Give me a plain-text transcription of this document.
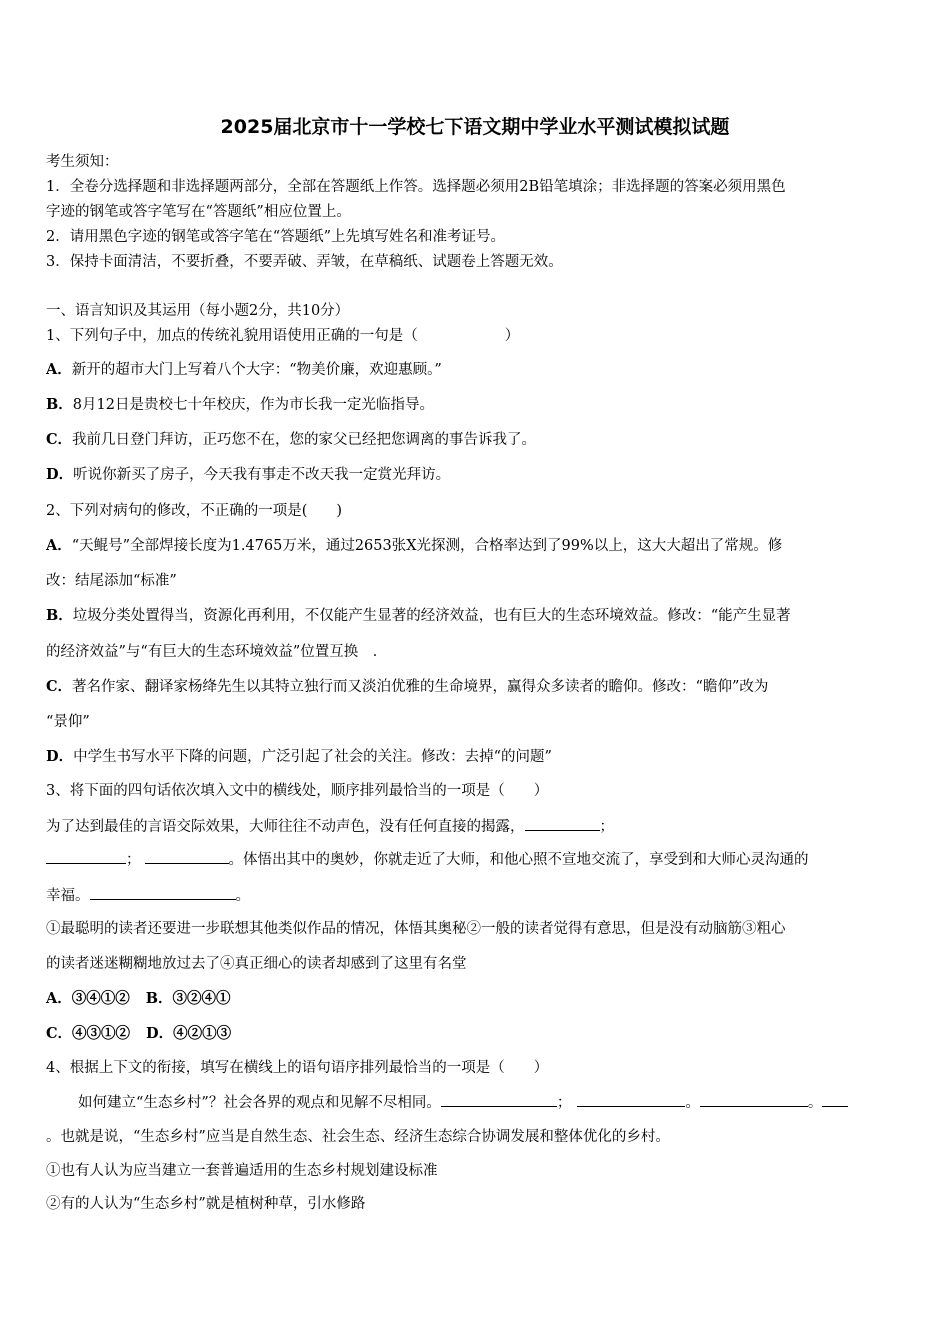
2025届北京市十一学校七下语文期中学业水平测试模拟试题
考生须知：
1．全卷分选择题和非选择题两部分，全部在答题纸上作答。选择题必须用2B铅笔填涂；非选择题的答案必须用黑色
字迹的钢笔或答字笔写在“答题纸”相应位置上。
2．请用黑色字迹的钢笔或答字笔在“答题纸”上先填写姓名和准考证号。
3．保持卡面清洁，不要折叠，不要弄破、弄皱，在草稿纸、试题卷上答题无效。
一、语言知识及其运用（每小题2分，共10分）
1、下列句子中，加点的传统礼貌用语使用正确的一句是（　　　　　　）
A．新开的超市大门上写着八个大字：“物美价廉，欢迎惠顾。”
B．8月12日是贵校七十年校庆，作为市长我一定光临指导。
C．我前几日登门拜访，正巧您不在，您的家父已经把您调离的事告诉我了。
D．听说你新买了房子，今天我有事走不改天我一定赏光拜访。
2、下列对病句的修改，不正确的一项是(　　)
A．“天鲲号”全部焊接长度为1.4765万米，通过2653张X光探测，合格率达到了99%以上，这大大超出了常规。修
改：结尾添加“标准”
B．垃圾分类处置得当，资源化再利用，不仅能产生显著的经济效益，也有巨大的生态环境效益。修改：“能产生显著
的经济效益”与“有巨大的生态环境效益”位置互换　．
C．著名作家、翻译家杨绛先生以其特立独行而又淡泊优雅的生命境界，赢得众多读者的瞻仰。修改：“瞻仰”改为
“景仰”
D．中学生书写水平下降的问题，广泛引起了社会的关注。修改：去掉“的问题”
3、将下面的四句话依次填入文中的横线处，顺序排列最恰当的一项是（　　）
为了达到最佳的言语交际效果，大师往往不动声色，没有任何直接的揭露，	；
；	。体悟出其中的奥妙，你就走近了大师，和他心照不宣地交流了，享受到和大师心灵沟通的
幸福。	。
①最聪明的读者还要进一步联想其他类似作品的情况，体悟其奥秘②一般的读者觉得有意思，但是没有动脑筋③粗心
的读者迷迷糊糊地放过去了④真正细心的读者却感到了这里有名堂
A．③④①② B．③②④①
C．④③①② D．④②①③
4、根据上下文的衔接，填写在横线上的语句语序排列最恰当的一项是（　　）
如何建立“生态乡村”？社会各界的观点和见解不尽相同。	；	。	。
。也就是说，“生态乡村”应当是自然生态、社会生态、经济生态综合协调发展和整体优化的乡村。
①也有人认为应当建立一套普遍适用的生态乡村规划建设标准
②有的人认为“生态乡村”就是植树种草，引水修路
